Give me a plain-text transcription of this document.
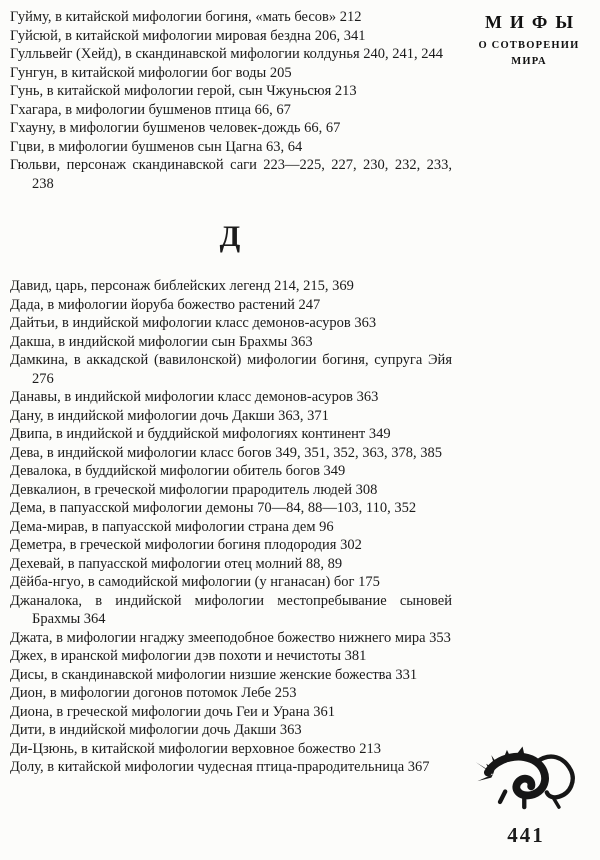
МИФЫ
О СОТВОРЕНИИ
МИРА
Гуйму, в китайской мифологии богиня, «мать бесов» 212
Гуйсюй, в китайской мифологии мировая бездна 206, 341
Гулльвейг (Хейд), в скандинавской мифологии колдунья 240, 241, 244
Гунгун, в китайской мифологии бог воды 205
Гунь, в китайской мифологии герой, сын Чжуньсюя 213
Гхагара, в мифологии бушменов птица 66, 67
Гхауну, в мифологии бушменов человек-дождь 66, 67
Гцви, в мифологии бушменов сын Цагна 63, 64
Гюльви, персонаж скандинавской саги 223—225, 227, 230, 232, 233, 238
Д
Давид, царь, персонаж библейских легенд 214, 215, 369
Дада, в мифологии йоруба божество растений 247
Дайтьи, в индийской мифологии класс демонов-асуров 363
Дакша, в индийской мифологии сын Брахмы 363
Дамкина, в аккадской (вавилонской) мифологии богиня, супруга Эйя 276
Данавы, в индийской мифологии класс демонов-асуров 363
Дану, в индийской мифологии дочь Дакши 363, 371
Двипа, в индийской и буддийской мифологиях континент 349
Дева, в индийской мифологии класс богов 349, 351, 352, 363, 378, 385
Девалока, в буддийской мифологии обитель богов 349
Девкалион, в греческой мифологии прародитель людей 308
Дема, в папуасской мифологии демоны 70—84, 88—103, 110, 352
Дема-мирав, в папуасской мифологии страна дем 96
Деметра, в греческой мифологии богиня плодородия 302
Дехевай, в папуасской мифологии отец молний 88, 89
Дёйба-нгуо, в самодийской мифологии (у нганасан) бог 175
Джаналока, в индийской мифологии местопребывание сыновей Брахмы 364
Джата, в мифологии нгаджу змееподобное божество нижнего мира 353
Джех, в иранской мифологии дэв похоти и нечистоты 381
Дисы, в скандинавской мифологии низшие женские божества 331
Дион, в мифологии догонов потомок Лебе 253
Диона, в греческой мифологии дочь Геи и Урана 361
Дити, в индийской мифологии дочь Дакши 363
Ди-Цзюнь, в китайской мифологии верховное божество 213
Долу, в китайской мифологии чудесная птица-прародительница 367
441
